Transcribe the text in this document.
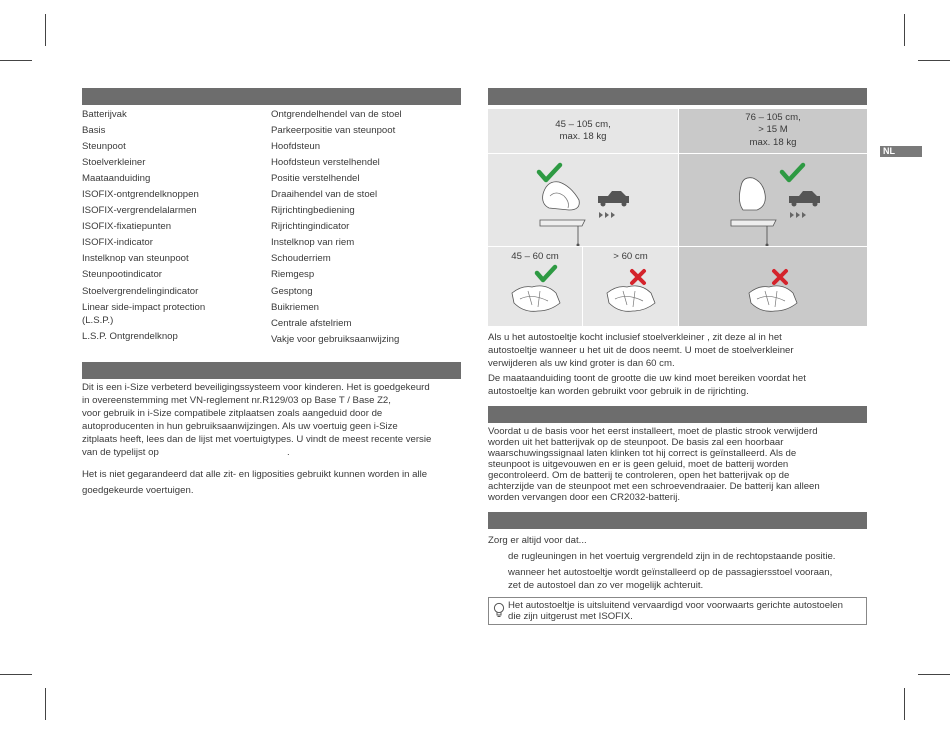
NL
Batterijvak
Basis
Steunpoot
Stoelverkleiner
Maataanduiding
ISOFIX-ontgrendelknoppen
ISOFIX-vergrendelalarmen
ISOFIX-fixatiepunten
ISOFIX-indicator
Instelknop van steunpoot
Steunpootindicator
Stoelvergrendelingindicator
Linear side-impact protection
(L.S.P.)
L.S.P. Ontgrendelknop
Ontgrendelhendel van de stoel
Parkeerpositie van steunpoot
Hoofdsteun
Hoofdsteun verstelhendel
Positie verstelhendel
Draaihendel van de stoel
Rijrichtingbediening
Rijrichtingindicator
Instelknop van riem
Schouderriem
Riemgesp
Gesptong
Buikriemen
Centrale afstelriem
Vakje voor gebruiksaanwijzing
Dit is een i-Size verbeterd beveiligingssysteem voor kinderen. Het is goedgekeurd
in overeenstemming met VN-reglement nr.R129/03 op Base T / Base Z2,
voor gebruik in i-Size compatibele zitplaatsen zoals aangeduid door de
autoproducenten in hun gebruiksaanwijzingen. Als uw voertuig geen i-Size
zitplaats heeft, lees dan de lijst met voertuigtypes. U vindt de meest recente versie
van de typelijst op	.
Het is niet gegarandeerd dat alle zit- en ligposities gebruikt kunnen worden in alle
goedgekeurde voertuigen.
45 – 105 cm,
max. 18 kg
76 – 105 cm,
> 15 M
max. 18 kg
45 – 60 cm	> 60 cm
Als u het autostoeltje kocht inclusief stoelverkleiner , zit deze al in het
autostoeltje wanneer u het uit de doos neemt. U moet de stoelverkleiner
verwijderen als uw kind groter is dan 60 cm.
De maataanduiding toont de grootte die uw kind moet bereiken voordat het
autostoeltje kan worden gebruikt voor gebruik in de rijrichting.
Voordat u de basis voor het eerst installeert, moet de plastic strook verwijderd
worden uit het batterijvak op de steunpoot. De basis zal een hoorbaar
waarschuwingssignaal laten klinken tot hij correct is geïnstalleerd. Als de
steunpoot is uitgevouwen en er is geen geluid, moet de batterij worden
gecontroleerd. Om de batterij te controleren, open het batterijvak op de
achterzijde van de steunpoot met een schroevendraaier. De batterij kan alleen
worden vervangen door een CR2032-batterij.
Zorg er altijd voor dat...
de rugleuningen in het voertuig vergrendeld zijn in de rechtopstaande positie.
wanneer het autostoeltje wordt geïnstalleerd op de passagiersstoel vooraan,
zet de autostoel dan zo ver mogelijk achteruit.
Het autostoeltje is uitsluitend vervaardigd voor voorwaarts gerichte autostoelen
die zijn uitgerust met ISOFIX.
